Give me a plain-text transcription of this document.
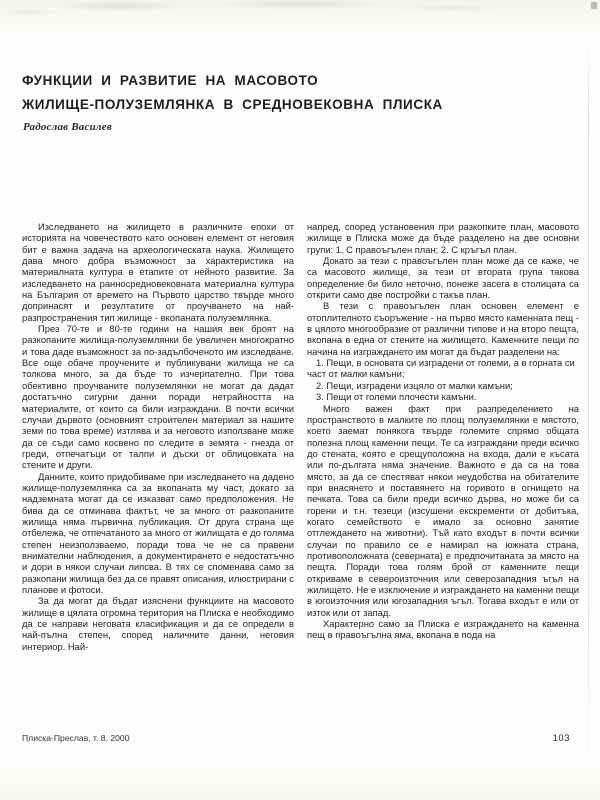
ФУНКЦИИ И РАЗВИТИЕ НА МАСОВОТО
ЖИЛИЩЕ-ПОЛУЗЕМЛЯНКА В СРЕДНОВЕКОВНА ПЛИСКА
Радослав Василев

Изследването на жилището в различните епохи от историята на човечеството като основен елемент от неговия бит е важна задача на археологическата наука. Жилището дава много добра възможност за характеристика на материалната култура в етапите от нейното развитие. За изследването на ранносредновековната материална култура на България от времето на Първото царство твърде много допринасят и резултатите от проучването на най-разпространения тип жилище - вкопаната полуземлянка.

През 70-те и 80-те години на нашия век броят на разкопаните жилища-полуземлянки бе увеличен многократно и това даде възможност за по-задълбоченото им изследване. Все още обаче проучените и публикувани жилища не са толкова много, за да бъде то изчерпателно. При това обективно проучваните полуземлянки не могат да дадат достатъчно сигурни данни поради нетрайността на материалите, от които са били изграждани. В почти всички случаи дървото (основният строителен материал за нашите земи по това време) изтлява и за неговото използване може да се съди само косвено по следите в земята - гнезда от греди, отпечатъци от талпи и дъски от облицовката на стените и други.

Данните, които придобиваме при изследването на дадено жилище-полуземлянка са за вкопаната му част, докато за надземната могат да се изказват само предположения. Не бива да се отминава фактът, че за много от разкопаните жилища няма първична публикация. От друга страна ще отбележа, че отпечатаното за много от жилищата е до голяма степен неизползваемо, поради това че не са правени внимателни наблюдения, а документирането е недостатъчно и дори в някои случаи липсва. В тях се споменава само за разкопани жилища без да се правят описания, илюстрирани с планове и фотоси.

За да могат да бъдат изяснени функциите на масовото жилище в цялата огромна територия на Плиска е необходимо да се направи неговата класификация и да се определи в най-пълна степен, според наличните данни, неговия интериор. Най-

напред, според установения при разкопките план, масовото жилище в Плиска може да бъде разделено на две основни групи: 1. С правоъгълен план; 2. С кръгъл план.

Докато за тези с правоъгълен план може да се каже, че са масовото жилище, за тези от втората група такова определение би било неточно, понеже засега в столицата са открити само две постройки с такъв план.

В тези с правоъгълен план основен елемент е отоплителното съоръжение - на първо място каменната пещ - в цялото многообразие от различни типове и на второ пещта, вкопана в една от стените на жилището. Каменните пещи по начина на изграждането им могат да бъдат разделени на:

1. Пещи, в основата си изградени от големи, а в горната си част от малки камъни;

2. Пещи, изградени изцяло от малки камъни;

3. Пещи от големи плочести камъни.

Много важен факт при разпределението на пространството в малките по площ полуземлянки е мястото, което заемат понякога твърде големите спрямо общата полезна площ каменни пещи. Те са изграждани преди всичко до стената, която е срещуположна на входа, дали е късата или по-дългата няма значение. Важното е да са на това място, за да се спестяват някои неудобства на обитателите при внасянето и поставянето на горивото в огнището на печката. Това са били преди всичко дърва, но може би са горени и т.н. тезеци (изсушени екскременти от добитъка, когато семейството е имало за основно занятие отглеждането на животни). Тъй като входът в почти всички случаи по правило се е намирал на южната страна, противоположната (северната) е предпочитаната за място на пещта. Поради това голям брой от каменните пещи откриваме в североизточния или северозападния ъгъл на жилището. Не е изключение и изграждането на каменни пещи в югоизточния или югозападния ъгъл. Тогава входът е или от изток или от запад.

Характерно само за Плиска е изграждането на каменна пещ в правоъгълна яма, вкопана в пода на

Плиска-Преслав, т. 8, 2000	103
